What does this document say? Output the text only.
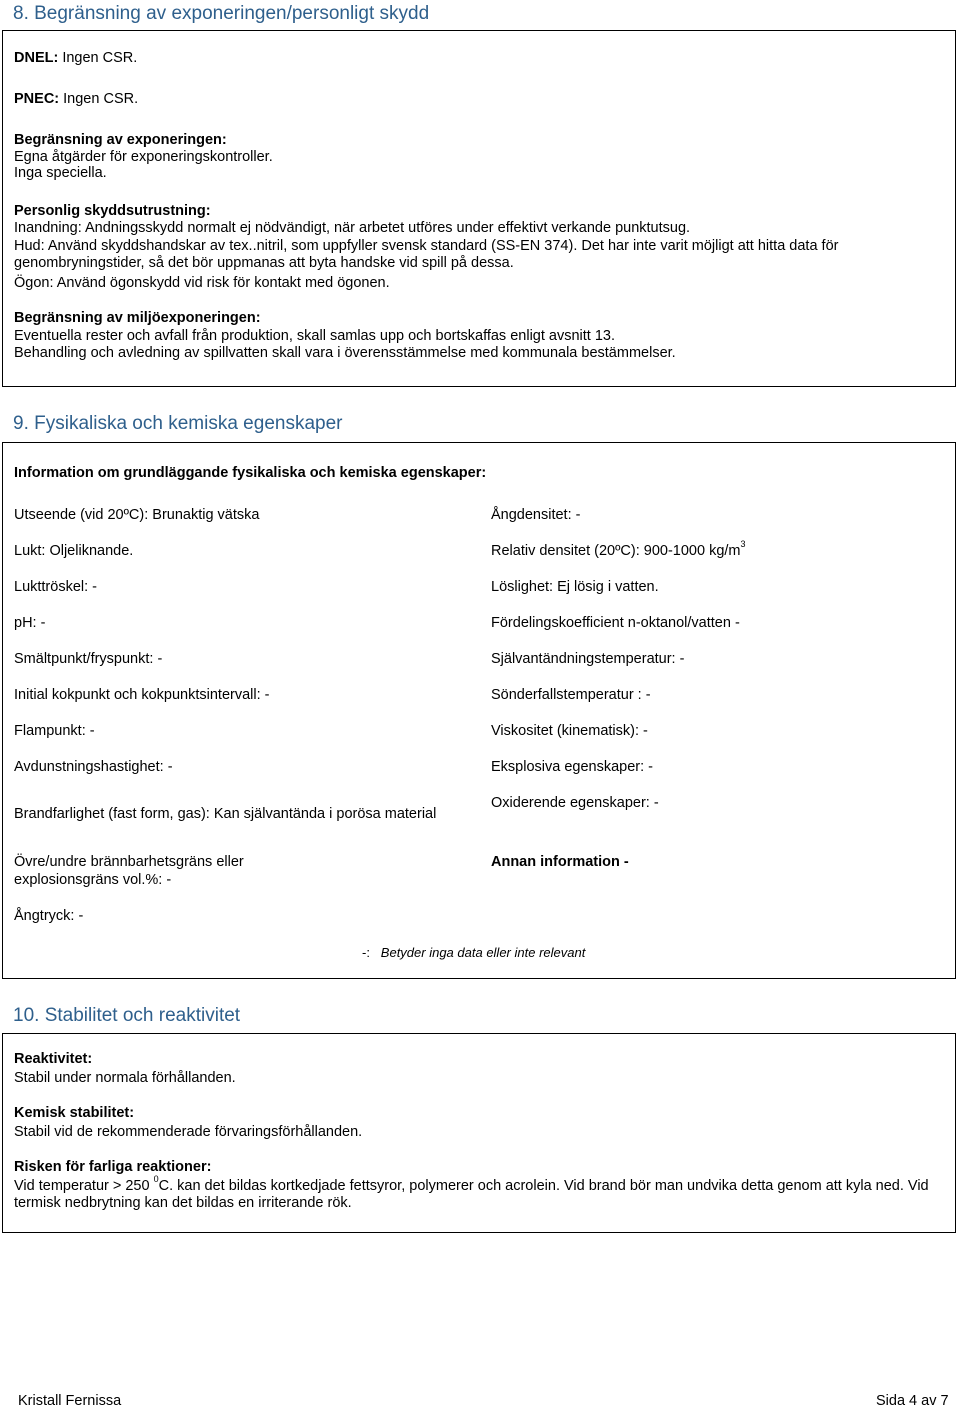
8. Begränsning av exponeringen/personligt skydd

DNEL: Ingen CSR.

PNEC: Ingen CSR.

Begränsning av exponeringen:

Egna åtgärder för exponeringskontroller.

Inga speciella.

Personlig skyddsutrustning:

Inandning: Andningsskydd normalt ej nödvändigt, när arbetet utföres under effektivt verkande punktutsug.

Hud: Använd skyddshandskar av tex..nitril, som uppfyller svensk standard (SS-EN 374). Det har inte varit möjligt att hitta data för genombryningstider, så det bör uppmanas att byta handske vid spill på dessa.

Ögon: Använd ögonskydd vid risk för kontakt med ögonen.

Begränsning av miljöexponeringen:

Eventuella rester och avfall från produktion, skall samlas upp och bortskaffas enligt avsnitt 13.

Behandling och avledning av spillvatten skall vara i överensstämmelse med kommunala bestämmelser.

9. Fysikaliska och kemiska egenskaper

Information om grundläggande fysikaliska och kemiska egenskaper:

Utseende (vid 20ºC): Brunaktig vätska

Lukt: Oljeliknande.

Lukttröskel: -

pH: -

Smältpunkt/fryspunkt: -

Initial kokpunkt och kokpunktsintervall: -

Flampunkt: -

Avdunstningshastighet: -

Brandfarlighet (fast form, gas): Kan självantända i porösa material

Övre/undre brännbarhetsgräns eller

explosionsgräns vol.%: -

Ångtryck: -

Ångdensitet: -

Relativ densitet (20ºC): 900-1000 $kg/m^3$

Löslighet: Ej lösig i vatten.

Fördelingskoefficient n-oktanol/vatten -

Självantändningstemperatur: -

Sönderfallstemperatur : -

Viskositet (kinematisk): -

Eksplosiva egenskaper: -

Oxiderende egenskaper: -

Annan information -

-: Betyder inga data eller inte relevant

10. Stabilitet och reaktivitet

Reaktivitet:

Stabil under normala förhållanden.

Kemisk stabilitet:

Stabil vid de rekommenderade förvaringsförhållanden.

Risken för farliga reaktioner:

Vid temperatur > 250 $^0$C. kan det bildas kortkedjade fettsyror, polymerer och acrolein. Vid brand bör man undvika detta genom att kyla ned. Vid termisk nedbrytning kan det bildas en irriterande rök.

Kristall Fernissa	Sida 4 av 7
